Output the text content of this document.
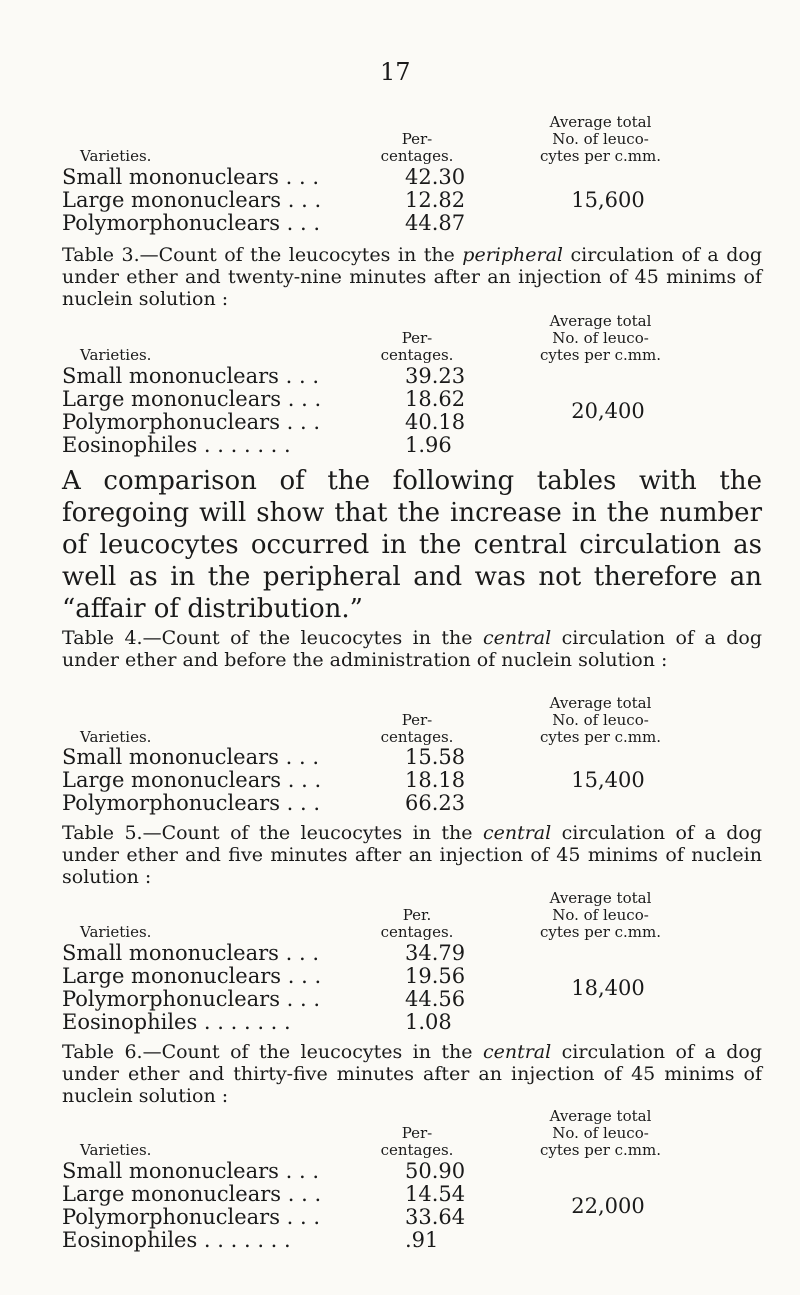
17
Average total
Per-	No. of leuco-
Varieties.	centages.	cytes per c.mm.
Small mononuclears . . .	42.30
Large mononuclears . . .	12.82
Polymorphonuclears . . .	44.87
15,600
Table 3.—Count of the leucocytes in the peripheral circulation of a dog under ether and twenty-nine minutes after an injection of 45 minims of nuclein solution :
Average total
Per-	No. of leuco-
Varieties.	centages.	cytes per c.mm.
Small mononuclears . . .	39.23
Large mononuclears . . .	18.62
Polymorphonuclears . . .	40.18
Eosinophiles . . . . . . .	1.96
20,400
A comparison of the following tables with the foregoing will show that the increase in the number of leucocytes occurred in the central circulation as well as in the peripheral and was not therefore an “affair of distribution.”
Table 4.—Count of the leucocytes in the central circulation of a dog under ether and before the administration of nuclein solution :
Average total
Per-	No. of leuco-
Varieties.	centages.	cytes per c.mm.
Small mononuclears . . .	15.58
Large mononuclears . . .	18.18
Polymorphonuclears . . .	66.23
15,400
Table 5.—Count of the leucocytes in the central circulation of a dog under ether and five minutes after an injection of 45 minims of nuclein solution :
Average total
Per.	No. of leuco-
Varieties.	centages.	cytes per c.mm.
Small mononuclears . . .	34.79
Large mononuclears . . .	19.56
Polymorphonuclears . . .	44.56
Eosinophiles . . . . . . .	1.08
18,400
Table 6.—Count of the leucocytes in the central circulation of a dog under ether and thirty-five minutes after an injection of 45 minims of nuclein solution :
Average total
Per-	No. of leuco-
Varieties.	centages.	cytes per c.mm.
Small mononuclears . . .	50.90
Large mononuclears . . .	14.54
Polymorphonuclears . . .	33.64
Eosinophiles . . . . . . .	.91
22,000
